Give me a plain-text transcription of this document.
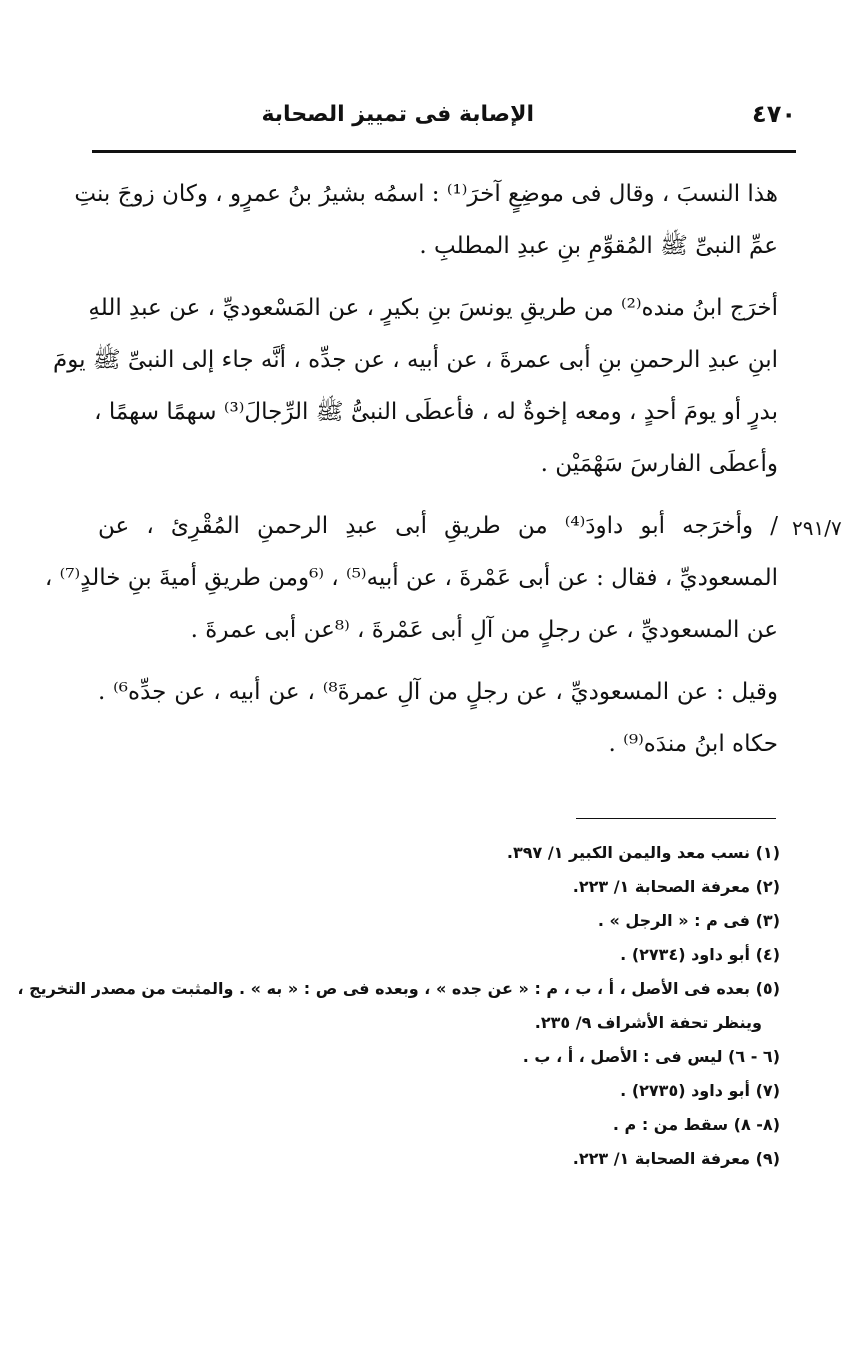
٤٧٠
الإصابة فى تمييز الصحابة
٢٩١/٧

هذا النسبَ ، وقال فى موضِعٍ آخرَ⁽¹⁾ : اسمُه بشيرُ بنُ عمرٍو ، وكان زوجَ بنتِ
عمِّ النبىِّ ﷺ المُقوِّمِ بنِ عبدِ المطلبِ .

أخرَج ابنُ منده⁽²⁾ من طريقِ يونسَ بنِ بكيرٍ ، عن المَسْعوديِّ ، عن عبدِ اللهِ
ابنِ عبدِ الرحمنِ بنِ أبى عمرةَ ، عن أبيه ، عن جدِّه ، أنَّه جاء إلى النبىِّ ﷺ يومَ
بدرٍ أو يومَ أحدٍ ، ومعه إخوةٌ له ، فأعطَى النبىُّ ﷺ الرِّجالَ⁽³⁾ سهمًا سهمًا ،
وأعطَى الفارسَ سَهْمَيْن .

/ وأخرَجه أبو داودَ⁽⁴⁾ من طريقِ أبى عبدِ الرحمنِ المُقْرِئ ، عن
المسعوديِّ ، فقال : عن أبى عَمْرةَ ، عن أبيه⁽⁵⁾ ، ⁽⁶ومن طريقِ أميةَ بنِ خالدٍ⁽⁷⁾ ،
عن المسعوديِّ ، عن رجلٍ من آلِ أبى عَمْرةَ ، ⁽⁸عن أبى عمرةَ .

وقيل : عن المسعوديِّ ، عن رجلٍ من آلِ عمرةَ⁸⁾ ، عن أبيه ، عن جدِّه⁶⁾ .
حكاه ابنُ مندَه⁽⁹⁾ .

(١) نسب معد واليمن الكبير ١/ ٣٩٧.
(٢) معرفة الصحابة ١/ ٢٢٣.
(٣) فى م : « الرجل » .
(٤) أبو داود (٢٧٣٤) .
(٥) بعده فى الأصل ، أ ، ب ، م : « عن جده » ، وبعده فى ص : « به » . والمثبت من مصدر التخريج ،
وينظر تحفة الأشراف ٩/ ٢٣٥.
(٦ - ٦) ليس فى : الأصل ، أ ، ب .
(٧) أبو داود (٢٧٣٥) .
(٨- ٨) سقط من : م .
(٩) معرفة الصحابة ١/ ٢٢٣.
